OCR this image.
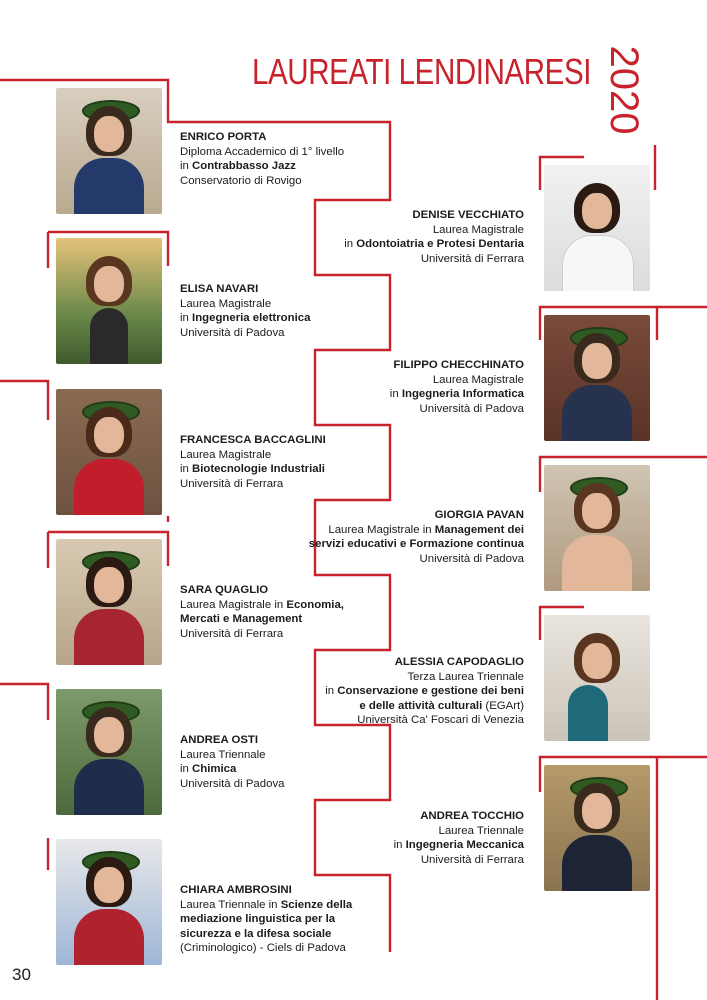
LAUREATI LENDINARESI 2020
ENRICO PORTA
Diploma Accademico di 1° livello
in Contrabbasso Jazz
Conservatorio di Rovigo
DENISE VECCHIATO
Laurea Magistrale
in Odontoiatria e Protesi Dentaria
Università di Ferrara
ELISA NAVARI
Laurea Magistrale
in Ingegneria elettronica
Università di Padova
FILIPPO CHECCHINATO
Laurea Magistrale
in Ingegneria Informatica
Università di Padova
FRANCESCA BACCAGLINI
Laurea Magistrale
in Biotecnologie Industriali
Università di Ferrara
GIORGIA PAVAN
Laurea Magistrale in Management dei
servizi educativi e Formazione continua
Università di Padova
SARA QUAGLIO
Laurea Magistrale in Economia,
Mercati e Management
Università di Ferrara
ALESSIA CAPODAGLIO
Terza Laurea Triennale
in Conservazione e gestione dei beni
e delle attività culturali (EGArt)
Università Ca' Foscari di Venezia
ANDREA OSTI
Laurea Triennale
in Chimica
Università di Padova
ANDREA TOCCHIO
Laurea Triennale
in Ingegneria Meccanica
Università di Ferrara
CHIARA AMBROSINI
Laurea Triennale in Scienze della
mediazione linguistica per la
sicurezza e la difesa sociale
(Criminologico) - Ciels di Padova
30
